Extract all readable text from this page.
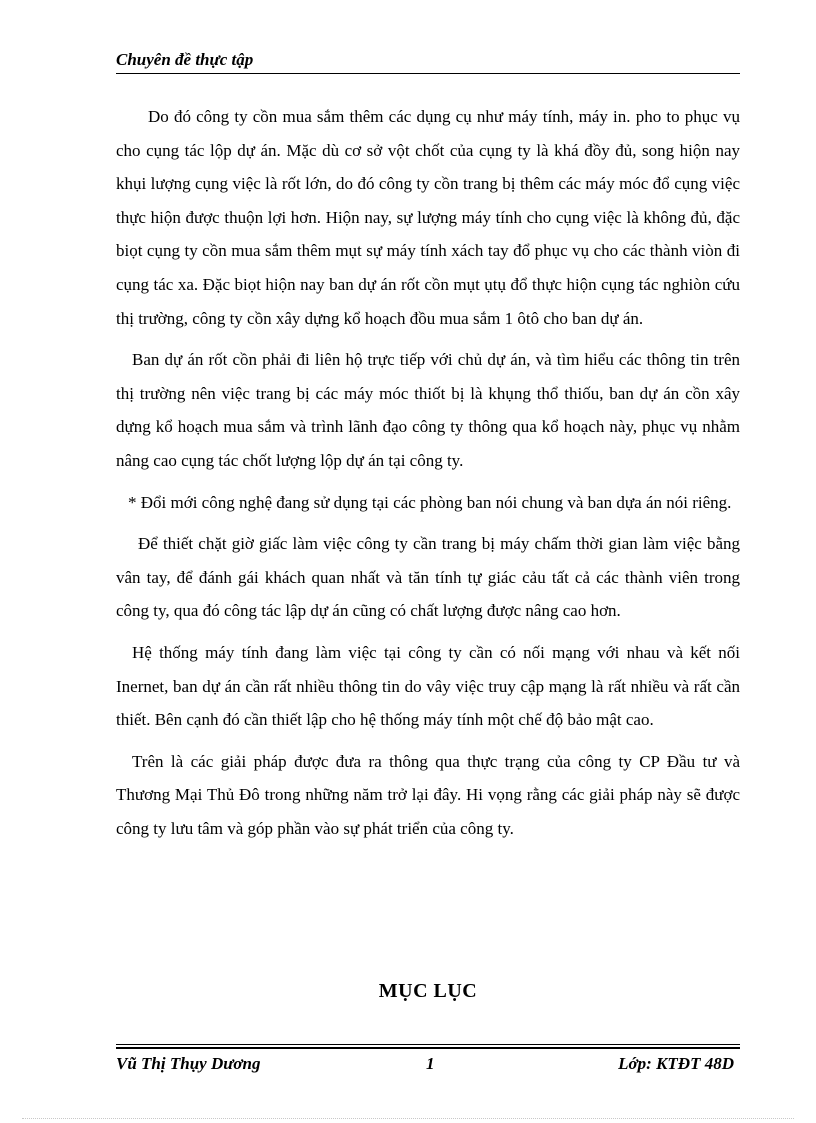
Chuyên đề thực tập

Do đó công ty cồn mua sắm thêm các dụng cụ như máy tính, máy in. pho to phục vụ cho cụng tác lộp dự án. Mặc dù cơ sở vột chốt của cụng ty là khá đồy đủ, song hiộn nay khụi lượng cụng việc là rốt lớn, do đó công ty cồn trang bị thêm các máy móc đổ cụng việc thực hiộn được thuộn lợi hơn. Hiộn nay, sự lượng máy tính cho cụng việc là không đủ, đặc biọt cụng ty cồn mua sắm thêm mụt sự máy tính xách tay đổ phục vụ cho các thành viòn đi cụng tác xa. Đặc biọt hiộn nay ban dự án rốt cồn mụt ụtụ đổ thực hiộn cụng tác nghiòn cứu thị trường, công ty cồn xây dựng kổ hoạch đồu mua sắm 1 ôtô cho ban dự án.

Ban dự án rốt cồn phải đi liên hộ trực tiếp với chủ dự án, và tìm hiểu các thông tin trên thị trường nên việc trang bị các máy móc thiốt bị là khụng thổ thiốu, ban dự án cồn xây dựng kổ hoạch mua sắm và trình lãnh đạo công ty thông qua kổ hoạch này, phục vụ nhằm nâng cao cụng tác chốt lượng lộp dự án tại công ty.

* Đổi mới công nghệ đang sử dụng tại các phòng ban nói chung và ban dựa án nói riêng.

Để thiết chặt giờ giấc làm việc công ty cần trang bị máy chấm thời gian làm việc bằng vân tay, để đánh gái khách quan nhất và tăn tính tự giác cảu tất cả các thành viên trong công ty, qua đó công tác lập dự án cũng có chất lượng được nâng cao hơn.

Hệ thống máy tính đang làm việc tại công ty cần có nối mạng với nhau và kết nối Inernet, ban dự án cần rất nhiều thông tin do vây việc truy cập mạng là rất nhiều và rất cần thiết. Bên cạnh đó cần thiết lập cho hệ thống máy tính một chế độ bảo mật cao.

Trên là các giải pháp được đưa ra thông qua thực trạng của công ty CP Đầu tư và Thương Mại Thủ Đô trong những năm trở lại đây. Hi vọng rằng các giải pháp này sẽ được công ty lưu tâm và góp phần vào sự phát triển của công ty.

MỤC LỤC
Vũ Thị Thụy Dương	1	Lớp: KTĐT 48D
